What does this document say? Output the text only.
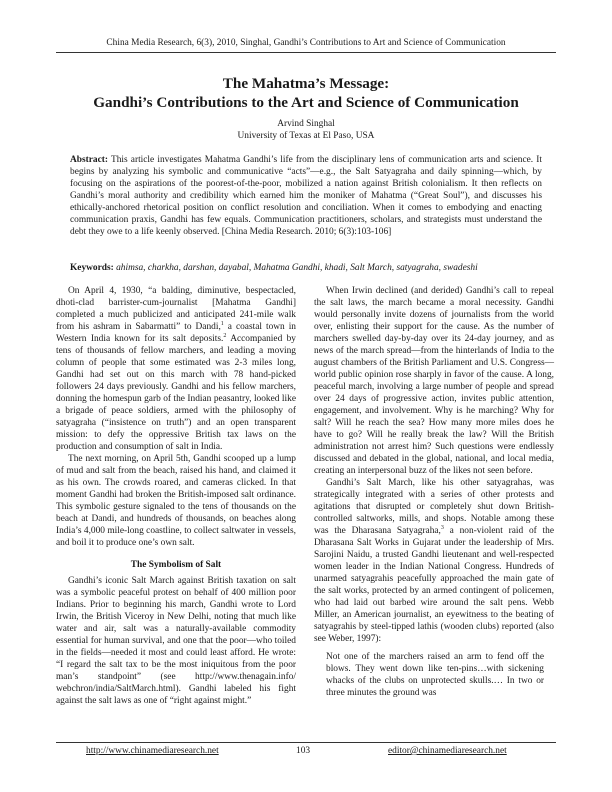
China Media Research, 6(3), 2010, Singhal, Gandhi’s Contributions to Art and Science of Communication
The Mahatma’s Message:
Gandhi’s Contributions to the Art and Science of Communication
Arvind Singhal
University of Texas at El Paso, USA
Abstract: This article investigates Mahatma Gandhi’s life from the disciplinary lens of communication arts and science. It begins by analyzing his symbolic and communicative “acts”—e.g., the Salt Satyagraha and daily spinning—which, by focusing on the aspirations of the poorest-of-the-poor, mobilized a nation against British colonialism. It then reflects on Gandhi’s moral authority and credibility which earned him the moniker of Mahatma (“Great Soul”), and discusses his ethically-anchored rhetorical position on conflict resolution and conciliation. When it comes to embodying and enacting communication praxis, Gandhi has few equals. Communication practitioners, scholars, and strategists must understand the debt they owe to a life keenly observed. [China Media Research. 2010; 6(3):103-106]
Keywords: ahimsa, charkha, darshan, dayabal, Mahatma Gandhi, khadi, Salt March, satyagraha, swadeshi

On April 4, 1930, “a balding, diminutive, bespectacled, dhoti-clad barrister-cum-journalist [Mahatma Gandhi] completed a much publicized and anticipated 241-mile walk from his ashram in Sabarmatti” to Dandi,$^1$ a coastal town in Western India known for its salt deposits.$^2$ Accompanied by tens of thousands of fellow marchers, and leading a moving column of people that some estimated was 2-3 miles long, Gandhi had set out on this march with 78 hand-picked followers 24 days previously. Gandhi and his fellow marchers, donning the homespun garb of the Indian peasantry, looked like a brigade of peace soldiers, armed with the philosophy of satyagraha (“insistence on truth”) and an open transparent mission: to defy the oppressive British tax laws on the production and consumption of salt in India.

The next morning, on April 5th, Gandhi scooped up a lump of mud and salt from the beach, raised his hand, and claimed it as his own. The crowds roared, and cameras clicked. In that moment Gandhi had broken the British-imposed salt ordinance. This symbolic gesture signaled to the tens of thousands on the beach at Dandi, and hundreds of thousands, on beaches along India’s 4,000 mile-long coastline, to collect saltwater in vessels, and boil it to produce one’s own salt.

The Symbolism of Salt

Gandhi’s iconic Salt March against British taxation on salt was a symbolic peaceful protest on behalf of 400 million poor Indians. Prior to beginning his march, Gandhi wrote to Lord Irwin, the British Viceroy in New Delhi, noting that much like water and air, salt was a naturally-available commodity essential for human survival, and one that the poor—who toiled in the fields—needed it most and could least afford. He wrote: “I regard the salt tax to be the most iniquitous from the poor man’s standpoint” (see http://www.thenagain.info/ webchron/india/SaltMarch.html). Gandhi labeled his fight against the salt laws as one of “right against might.”

When Irwin declined (and derided) Gandhi’s call to repeal the salt laws, the march became a moral necessity. Gandhi would personally invite dozens of journalists from the world over, enlisting their support for the cause. As the number of marchers swelled day-by-day over its 24-day journey, and as news of the march spread—from the hinterlands of India to the august chambers of the British Parliament and U.S. Congress—world public opinion rose sharply in favor of the cause. A long, peaceful march, involving a large number of people and spread over 24 days of progressive action, invites public attention, engagement, and involvement. Why is he marching? Why for salt? Will he reach the sea? How many more miles does he have to go? Will he really break the law? Will the British administration not arrest him? Such questions were endlessly discussed and debated in the global, national, and local media, creating an interpersonal buzz of the likes not seen before.

Gandhi’s Salt March, like his other satyagrahas, was strategically integrated with a series of other protests and agitations that disrupted or completely shut down British-controlled saltworks, mills, and shops. Notable among these was the Dharasana Satyagraha,$^3$ a non-violent raid of the Dharasana Salt Works in Gujarat under the leadership of Mrs. Sarojini Naidu, a trusted Gandhi lieutenant and well-respected women leader in the Indian National Congress. Hundreds of unarmed satyagrahis peacefully approached the main gate of the salt works, protected by an armed contingent of policemen, who had laid out barbed wire around the salt pens. Webb Miller, an American journalist, an eyewitness to the beating of satyagrahis by steel-tipped lathis (wooden clubs) reported (also see Weber, 1997):

Not one of the marchers raised an arm to fend off the blows. They went down like ten-pins…with sickening whacks of the clubs on unprotected skulls.… In two or three minutes the ground was

http://www.chinamediaresearch.net	103	editor@chinamediaresearch.net
